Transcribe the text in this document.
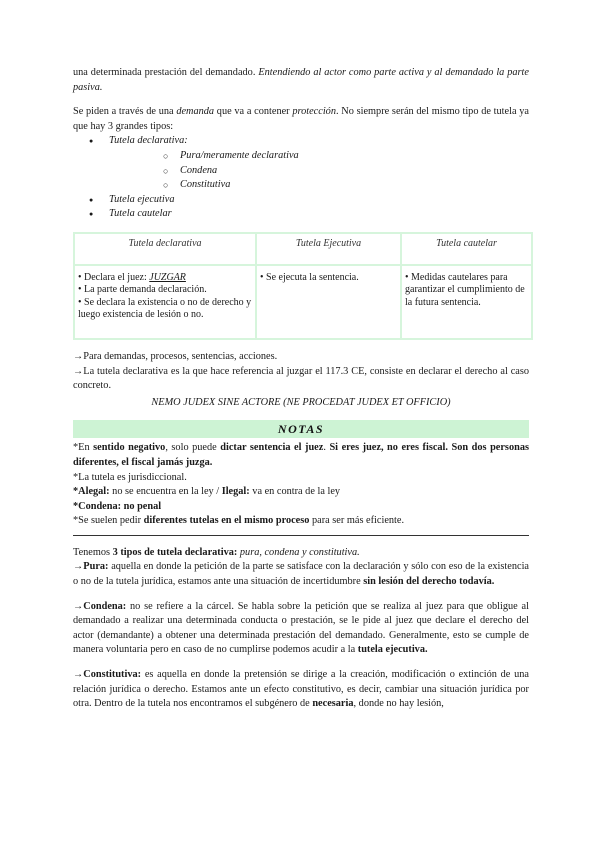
una determinada prestación del demandado. Entendiendo al actor como parte activa y al demandado la parte pasiva.

Se piden a través de una demanda que va a contener protección. No siempre serán del mismo tipo de tutela ya que hay 3 grandes tipos:

● Tutela declarativa:
○ Pura/meramente declarativa
○ Condena
○ Constitutiva
● Tutela ejecutiva
● Tutela cautelar
Tutela declarativa	Tutela Ejecutiva	Tutela cautelar
• Declara el juez: JUZGAR
• La parte demanda declaración.
• Se declara la existencia o no de derecho y luego existencia de lesión o no.	• Se ejecuta la sentencia.	• Medidas cautelares para garantizar el cumplimiento de la futura sentencia.

→Para demandas, procesos, sentencias, acciones.

→La tutela declarativa es la que hace referencia al juzgar el 117.3 CE, consiste en declarar el derecho al caso concreto.

NEMO JUDEX SINE ACTORE (NE PROCEDAT JUDEX ET OFFICIO)

NOTAS

*En sentido negativo, solo puede dictar sentencia el juez. Si eres juez, no eres fiscal. Son dos personas diferentes, el fiscal jamás juzga.

*La tutela es jurisdiccional.

*Alegal: no se encuentra en la ley / Ilegal: va en contra de la ley

*Condena: no penal

*Se suelen pedir diferentes tutelas en el mismo proceso para ser más eficiente.

Tenemos 3 tipos de tutela declarativa: pura, condena y constitutiva.

→Pura: aquella en donde la petición de la parte se satisface con la declaración y sólo con eso de la existencia o no de la tutela jurídica, estamos ante una situación de incertidumbre sin lesión del derecho todavía.

→Condena: no se refiere a la cárcel. Se habla sobre la petición que se realiza al juez para que obligue al demandado a realizar una determinada conducta o prestación, se le pide al juez que declare el derecho del actor (demandante) a obtener una determinada prestación del demandado. Generalmente, esto se cumple de manera voluntaria pero en caso de no cumplirse podemos acudir a la tutela ejecutiva.

→Constitutiva: es aquella en donde la pretensión se dirige a la creación, modificación o extinción de una relación jurídica o derecho. Estamos ante un efecto constitutivo, es decir, cambiar una situación jurídica por otra. Dentro de la tutela nos encontramos el subgénero de necesaria, donde no hay lesión,
